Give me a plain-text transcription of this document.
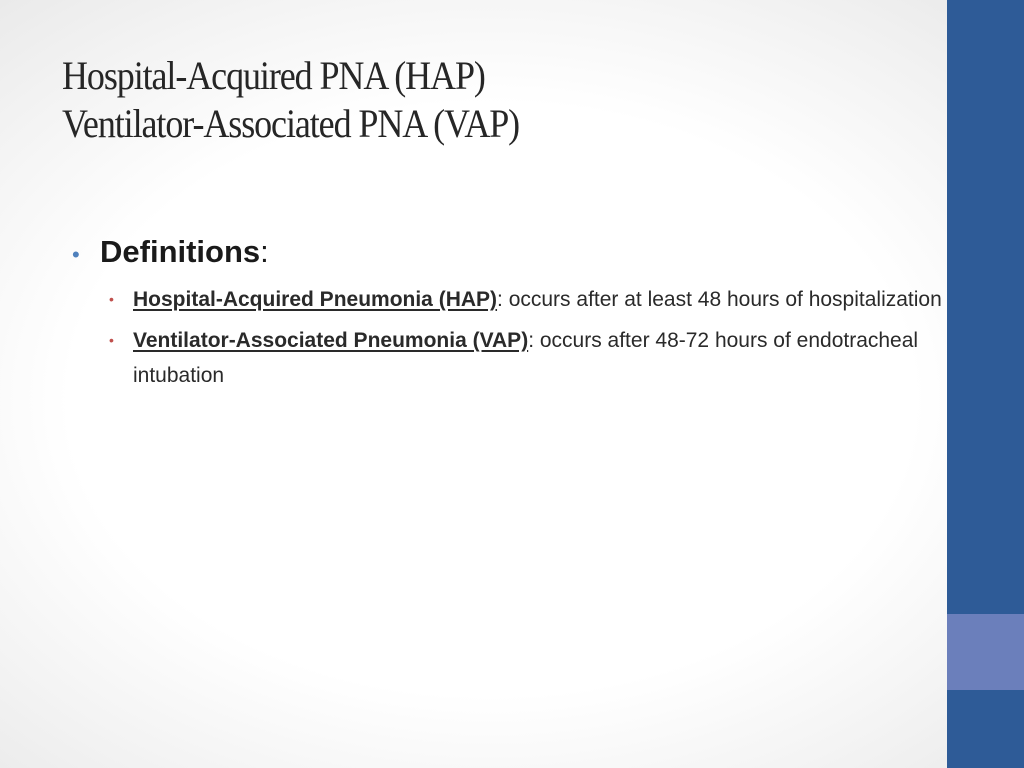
Hospital-Acquired PNA (HAP)
Ventilator-Associated PNA (VAP)
• Definitions:
• Hospital-Acquired Pneumonia (HAP): occurs after at least 48 hours of hospitalization
• Ventilator-Associated Pneumonia (VAP): occurs after 48-72 hours of endotracheal intubation
